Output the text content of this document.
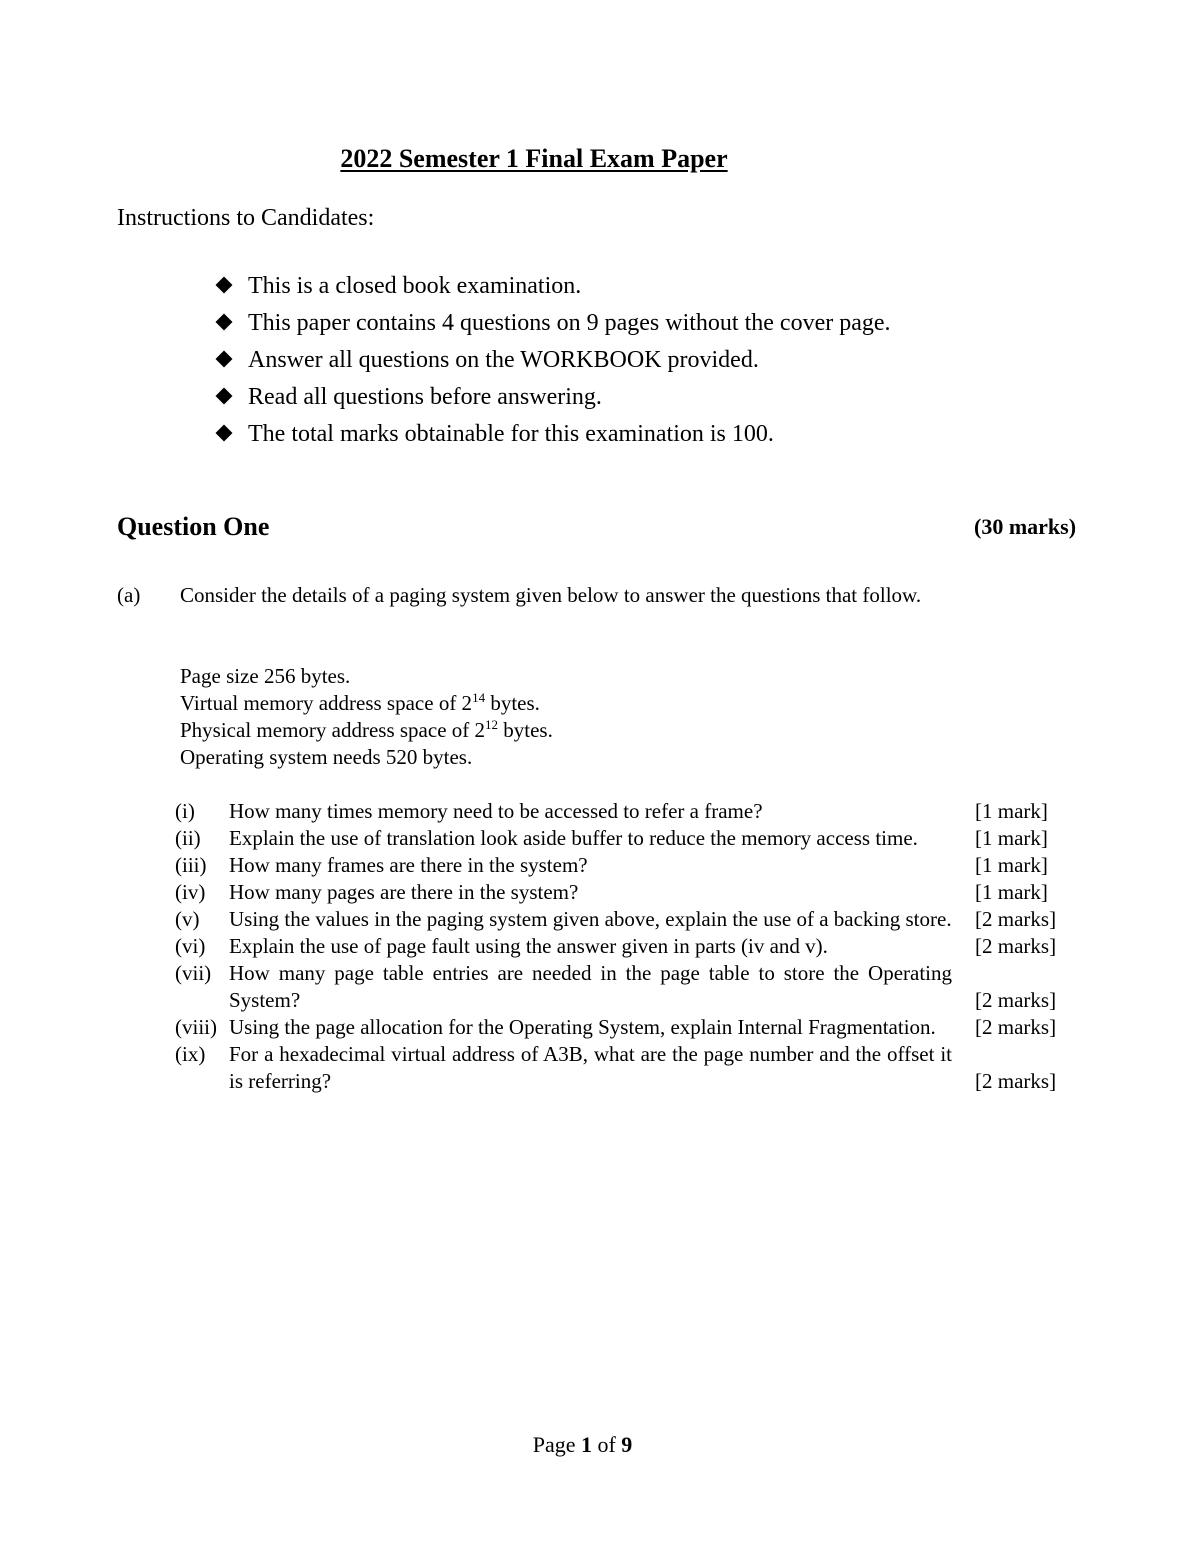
2022 Semester 1 Final Exam Paper
Instructions to Candidates:
This is a closed book examination.
This paper contains 4 questions on 9 pages without the cover page.
Answer all questions on the WORKBOOK provided.
Read all questions before answering.
The total marks obtainable for this examination is 100.
Question One	(30 marks)
(a) Consider the details of a paging system given below to answer the questions that follow.
Page size 256 bytes.
Virtual memory address space of $2^{14}$ bytes.
Physical memory address space of $2^{12}$ bytes.
Operating system needs 520 bytes.
(i) How many times memory need to be accessed to refer a frame?	[1 mark]
(ii) Explain the use of translation look aside buffer to reduce the memory access time.	[1 mark]
(iii) How many frames are there in the system?	[1 mark]
(iv) How many pages are there in the system?	[1 mark]
(v) Using the values in the paging system given above, explain the use of a backing store. [2 marks]
(vi) Explain the use of page fault using the answer given in parts (iv and v).	[2 marks]
(vii) How many page table entries are needed in the page table to store the Operating System?	[2 marks]
(viii) Using the page allocation for the Operating System, explain Internal Fragmentation.	[2 marks]
(ix) For a hexadecimal virtual address of A3B, what are the page number and the offset it is referring?	[2 marks]
Page 1 of 9
